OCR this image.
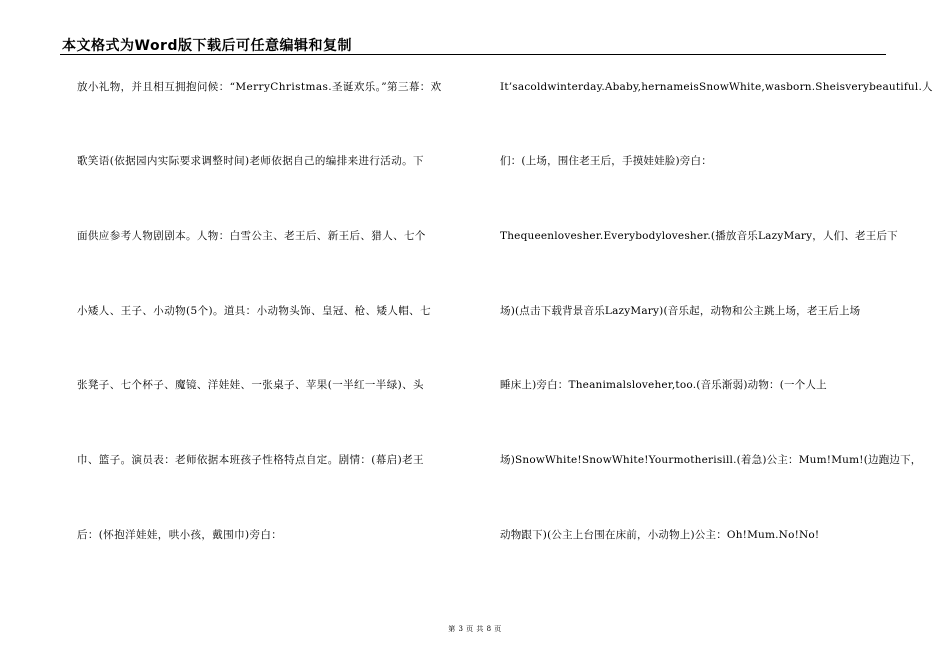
本文格式为Word版下载后可任意编辑和复制
放小礼物，并且相互拥抱问候：“MerryChristmas.圣诞欢乐。”第三幕：欢
歌笑语(依据园内实际要求调整时间)老师依据自己的编排来进行活动。下
面供应参考人物剧剧本。人物：白雪公主、老王后、新王后、猎人、七个
小矮人、王子、小动物(5个)。道具：小动物头饰、皇冠、枪、矮人帽、七
张凳子、七个杯子、魔镜、洋娃娃、一张桌子、苹果(一半红一半绿)、头
巾、篮子。演员表：老师依据本班孩子性格特点自定。剧情：(幕启)老王
后：(怀抱洋娃娃，哄小孩，戴围巾)旁白：
It’sacoldwinterday.Ababy,hernameisSnowWhite,wasborn.Sheisverybeautiful.人
们：(上场，围住老王后，手摸娃娃脸)旁白：
Thequeenlovesher.Everybodylovesher.(播放音乐LazyMary，人们、老王后下
场)(点击下载背景音乐LazyMary)(音乐起，动物和公主跳上场，老王后上场
睡床上)旁白：Theanimalsloveher,too.(音乐渐弱)动物：(一个人上
场)SnowWhite!SnowWhite!Yourmotherisill.(着急)公主：Mum!Mum!(边跑边下，
动物跟下)(公主上台围在床前，小动物上)公主：Oh!Mum.No!No!
第 3 页 共 8 页
